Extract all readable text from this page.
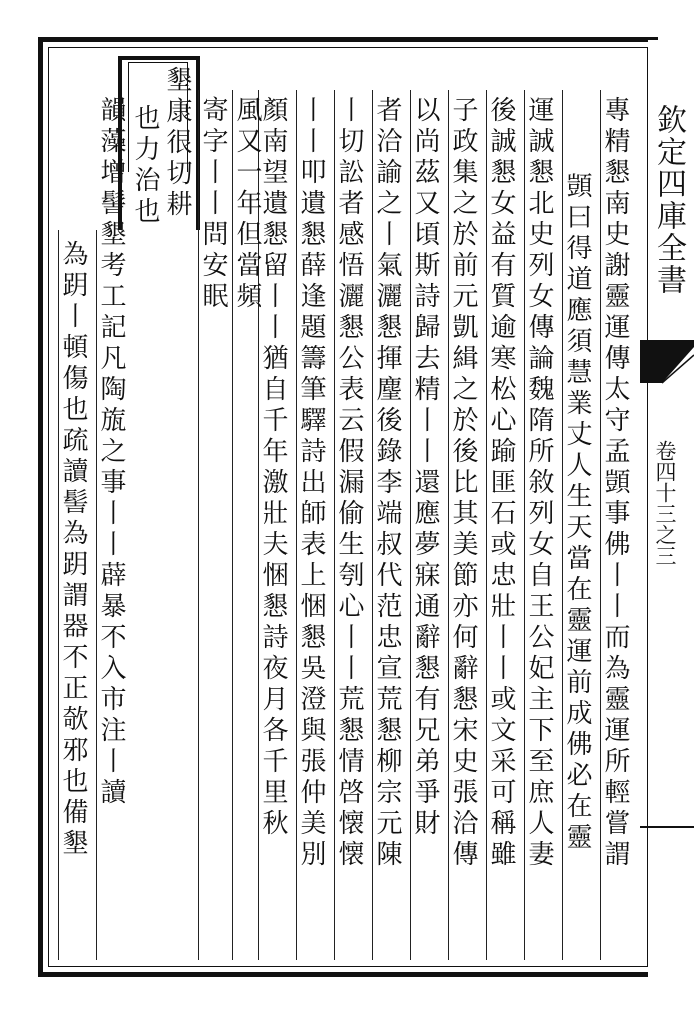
欽定四庫全書
卷四十三之三
專精懇南史謝靈運傳太守孟顗事佛丨丨而為靈運所輕嘗謂
顗曰得道應須慧業丈人生天當在靈運前成佛必在靈
運誠懇北史列女傳論魏隋所敘列女自王公妃主下至庶人妻
後誠懇女益有質逾寒松心踰匪石或忠壯丨丨或文采可稱雖
子政集之於前元凱緝之於後比其美節亦何辭懇宋史張洽傳
以尚茲又頃斯詩歸去精丨丨還應夢寐通辭懇有兄弟爭財
者洽諭之丨氣灑懇揮麈後錄李端叔代范忠宣荒懇柳宗元陳
丨切訟者感悟灑懇公表云假漏偷生刳心丨丨荒懇情啓懐懐
丨丨叩遺懇薛逢題籌筆驛詩出師表上悃懇吳澄與張仲美別
顏南望遺懇留丨丨猶自千年激壯夫悃懇詩夜月各千里秋
風又一年但當頻
寄字丨丨問安眠
墾康很切耕
也力治也
韻藻增髻墾考工記凡陶旊之事丨丨薜暴不入市注丨讀
為跀丨頓傷也疏讀髻為跀謂器不正欹邪也備墾
